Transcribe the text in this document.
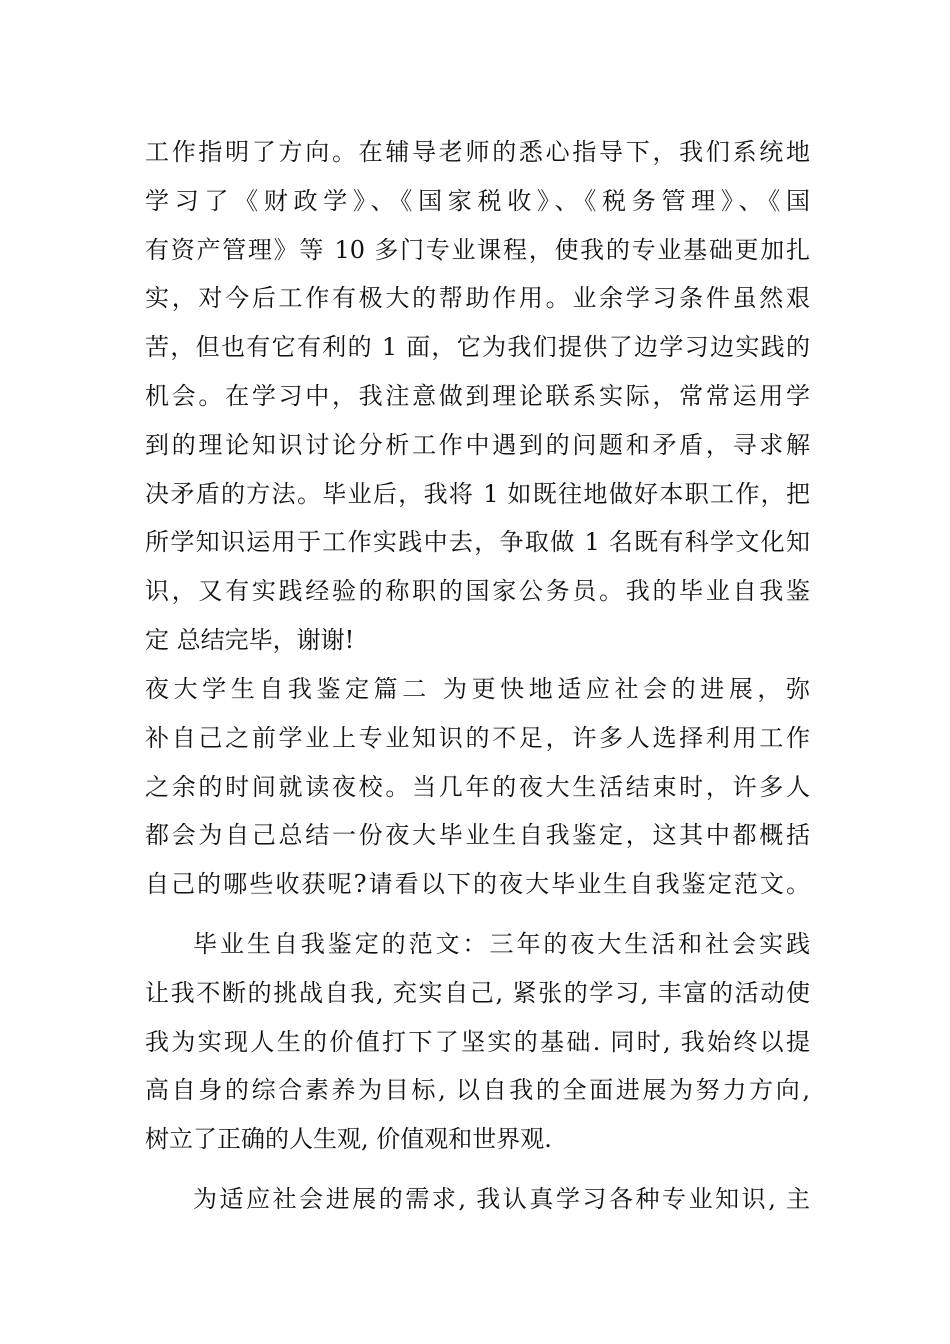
工作指明了方向。在辅导老师的悉心指导下，我们系统地
学习了《财政学》、《国家税收》、《税务管理》、《国
有资产管理》等 10 多门专业课程，使我的专业基础更加扎
实，对今后工作有极大的帮助作用。业余学习条件虽然艰
苦，但也有它有利的 1 面，它为我们提供了边学习边实践的
机会。在学习中，我注意做到理论联系实际，常常运用学
到的理论知识讨论分析工作中遇到的问题和矛盾，寻求解
决矛盾的方法。毕业后，我将 1 如既往地做好本职工作，把
所学知识运用于工作实践中去，争取做 1 名既有科学文化知
识，又有实践经验的称职的国家公务员。我的毕业自我鉴
定 总结完毕，谢谢!
夜大学生自我鉴定篇二 为更快地适应社会的进展，弥
补自己之前学业上专业知识的不足，许多人选择利用工作
之余的时间就读夜校。当几年的夜大生活结束时，许多人
都会为自己总结一份夜大毕业生自我鉴定，这其中都概括
自己的哪些收获呢?请看以下的夜大毕业生自我鉴定范文。
毕业生自我鉴定的范文：三年的夜大生活和社会实践
让我不断的挑战自我, 充实自己, 紧张的学习, 丰富的活动使
我为实现人生的价值打下了坚实的基础. 同时, 我始终以提
高自身的综合素养为目标, 以自我的全面进展为努力方向,
树立了正确的人生观, 价值观和世界观.
为适应社会进展的需求, 我认真学习各种专业知识, 主
